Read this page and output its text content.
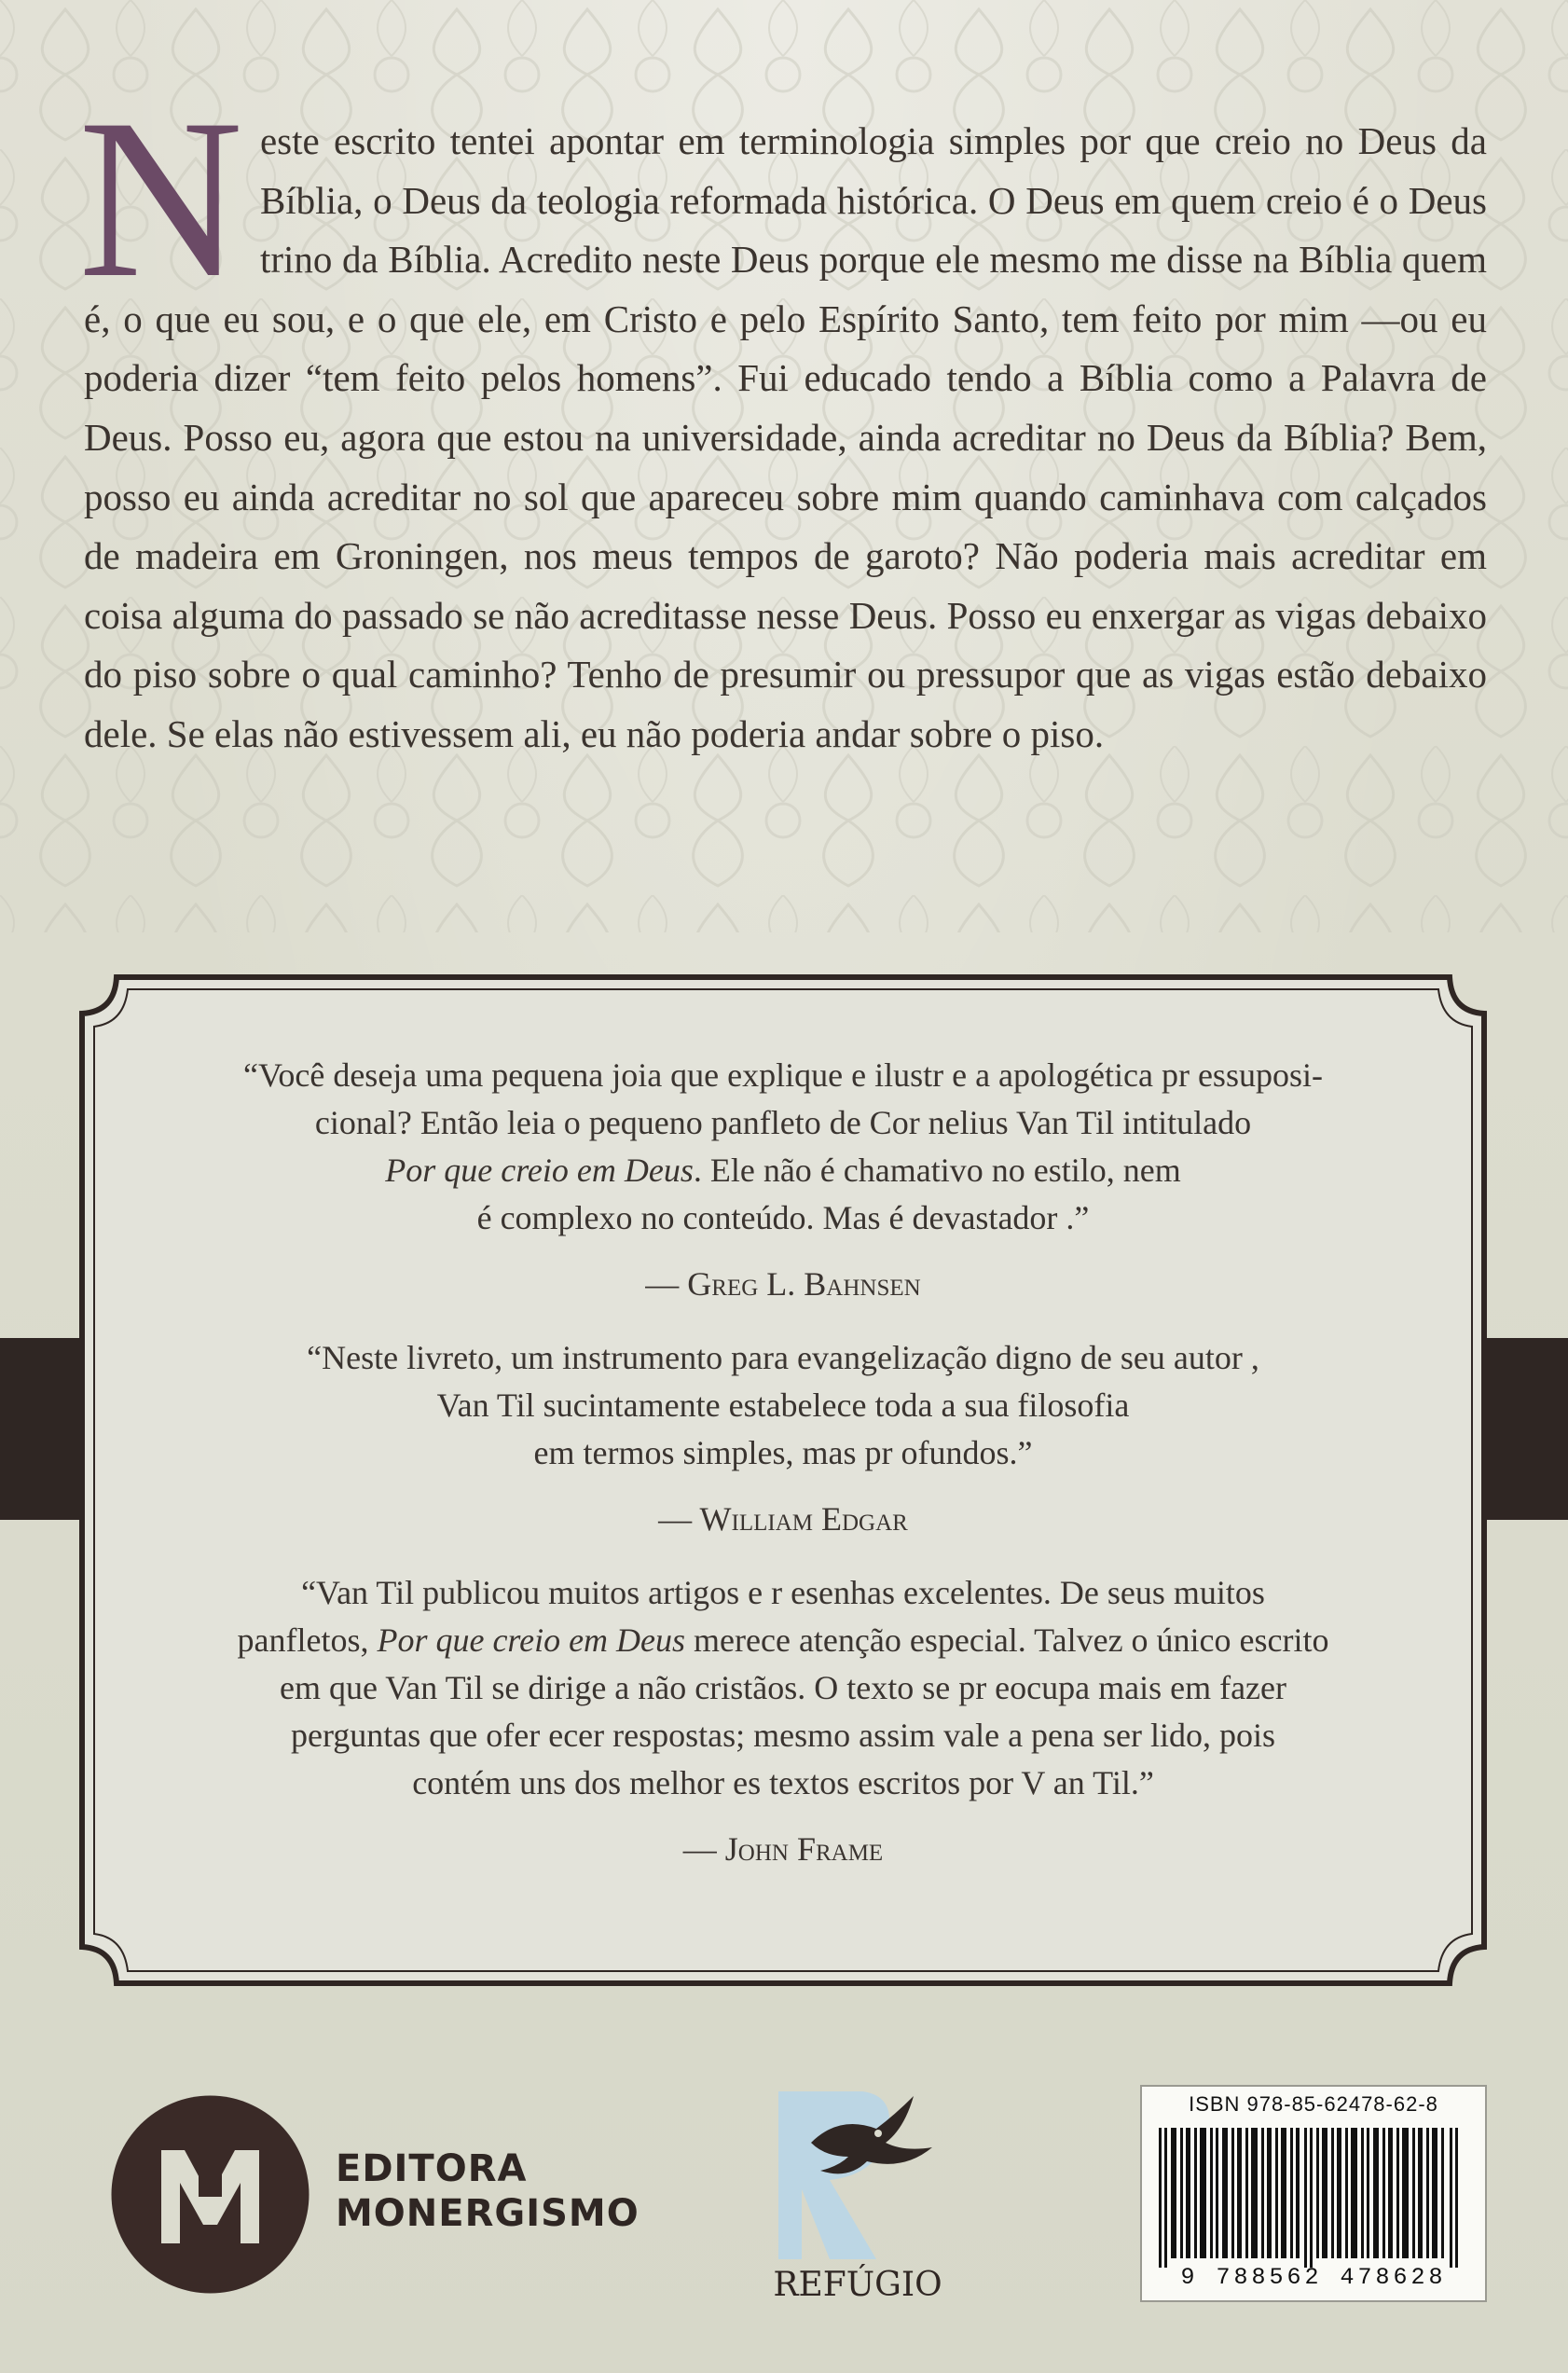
N este escrito tentei apontar em terminologia simples por que creio no Deus da Bíblia, o Deus da teologia reformada histórica. O Deus em quem creio é o Deus trino da Bíblia. Acredito neste Deus porque ele mesmo me disse na Bíblia quem é, o que eu sou, e o que ele, em Cristo e pelo Espírito Santo, tem feito por mim —ou eu poderia dizer “tem feito pelos homens”. Fui educado tendo a Bíblia como a Palavra de Deus. Posso eu, agora que estou na universidade, ainda acreditar no Deus da Bíblia? Bem, posso eu ainda acreditar no sol que apareceu sobre mim quando caminhava com calçados de madeira em Groningen, nos meus tempos de garoto? Não poderia mais acreditar em coisa alguma do passado se não acreditasse nesse Deus. Posso eu enxergar as vigas debaixo do piso sobre o qual caminho? Tenho de presumir ou pressupor que as vigas estão debaixo dele. Se elas não estivessem ali, eu não poderia andar sobre o piso.

“Você deseja uma pequena joia que explique e ilustr e a apologética pr essuposi-

cional? Então leia o pequeno panfleto de Cor nelius Van Til intitulado

Por que creio em Deus. Ele não é chamativo no estilo, nem

é complexo no conteúdo. Mas é devastador .”

— Greg L. Bahnsen

“Neste livreto, um instrumento para evangelização digno de seu autor ,

Van Til sucintamente estabelece toda a sua filosofia

em termos simples, mas pr ofundos.”

— William Edgar

“Van Til publicou muitos artigos e r esenhas excelentes. De seus muitos

panfletos, Por que creio em Deus merece atenção especial. Talvez o único escrito

em que Van Til se dirige a não cristãos. O texto se pr eocupa mais em fazer

perguntas que ofer ecer respostas; mesmo assim vale a pena ser lido, pois

contém uns dos melhor es textos escritos por V an Til.”

— John Frame
EDITORA
MONERGISMO
REFÚGIO
ISBN 978-85-62478-62-8
9 788562 478628
